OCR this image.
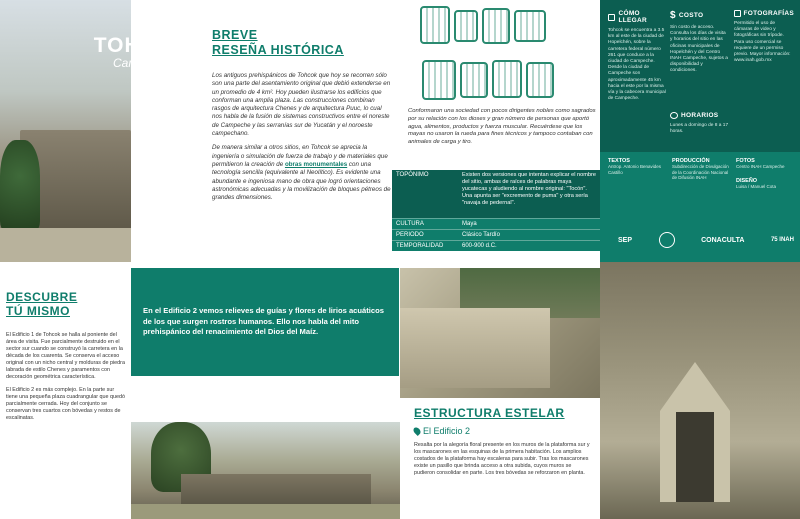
TOHCOK
Campeche
BREVE
RESEÑA HISTÓRICA

Los antiguos prehispánicos de Tohcok que hoy se recorren sólo son una parte del asentamiento original que debió extenderse en un promedio de 4 km². Hoy pueden ilustrarse los edificios que conforman una amplia plaza. Las construcciones combinan rasgos de arquitectura Chenes y de arquitectura Puuc, lo cual nos habla de la fusión de sistemas constructivos entre el noreste de Campeche y las serranías sur de Yucatán y el noroeste campechano.

De manera similar a otros sitios, en Tohcok se aprecia la ingeniería o simulación de fuerza de trabajo y de materiales que permitieron la creación de obras monumentales con una tecnología sencilla (equivalente al Neolítico). Es evidente una abundante e ingeniosa mano de obra que logró orientaciones astronómicas adecuadas y la movilización de bloques pétreos de grandes dimensiones.

Conformaron una sociedad con pocos dirigentes nobles como sagrados por su relación con los dioses y gran número de personas que aportó agua, alimentos, productos y fuerza muscular. Recuérdese que los mayas no usaron la rueda para fines técnicos y tampoco contaban con animales de carga y tiro.
TOPÓNIMO	Existen dos versiones que intentan explicar el nombre del sitio, ambas de raíces de palabras maya yucatecas y aludiendo al nombre original: "Tocón". Una apunta ser "excremento de puma" y otra sería "navaja de pedernal".
CULTURA	Maya
PERIODO	Clásico Tardío
TEMPORALIDAD	600-900 d.C.
CÓMO LLEGAR
Tohcok se encuentra a 3.5 km al este de la ciudad de Hopelchén, sobre la carretera federal número 261 que conduce a la ciudad de Campeche. Desde la ciudad de Campeche son aproximadamente 45 km hacia el este por la misma vía y la cabecera municipal de Campeche.
$ COSTO
Sin costo de acceso. Consulta los días de visita y horarios del sitio en las oficinas municipales de Hopelchén y del Centro INAH Campeche, sujetos a disponibilidad y condiciones.
FOTOGRAFÍAS
Permitido el uso de cámaras de video y fotográficas sin trípode. Para uso comercial se requiere de un permiso previo. Mayor información: www.inah.gob.mx
HORARIOS
Lunes a domingo de 8 a 17 horas.
TEXTOS
Antrop. Antonio Benavides Castillo
PRODUCCIÓN
Subdirección de Divulgación de la Coordinación Nacional de Difusión INAH
FOTOS
Centro INAH Campeche
DISEÑO
Luisa / Manuel Cota
SEP	CONACULTA	75 INAH
DESCUBRE
TÚ MISMO

El Edificio 1 de Tohcok se halla al poniente del área de visita. Fue parcialmente destruido en el sector sur cuando se construyó la carretera en la década de los cuarenta. Se conserva el acceso original con un nicho central y molduras de piedra labrada de estilo Chenes y paramentos con decoración geométrica característica.

El Edificio 2 es más complejo. En la parte sur tiene una pequeña plaza cuadrangular que quedó parcialmente cerrada. Hoy del conjunto se conservan tres cuartos con bóvedas y restos de escalinatas.

En el Edificio 2 vemos relieves de guías y flores de lirios acuáticos de los que surgen rostros humanos. Ello nos habla del mito prehispánico del renacimiento del Dios del Maíz.
ESTRUCTURA ESTELAR
El Edificio 2
Resalta por la alegoría floral presente en los muros de la plataforma sur y los mascarones en las esquinas de la primera habitación. Los amplios costados de la plataforma hay escaleras para subir. Tras los mascarones existe un pasillo que brinda acceso a otra subida, cuyos muros se pudieron consolidar en parte. Los tres bóvedas se reforzaron en planta.
